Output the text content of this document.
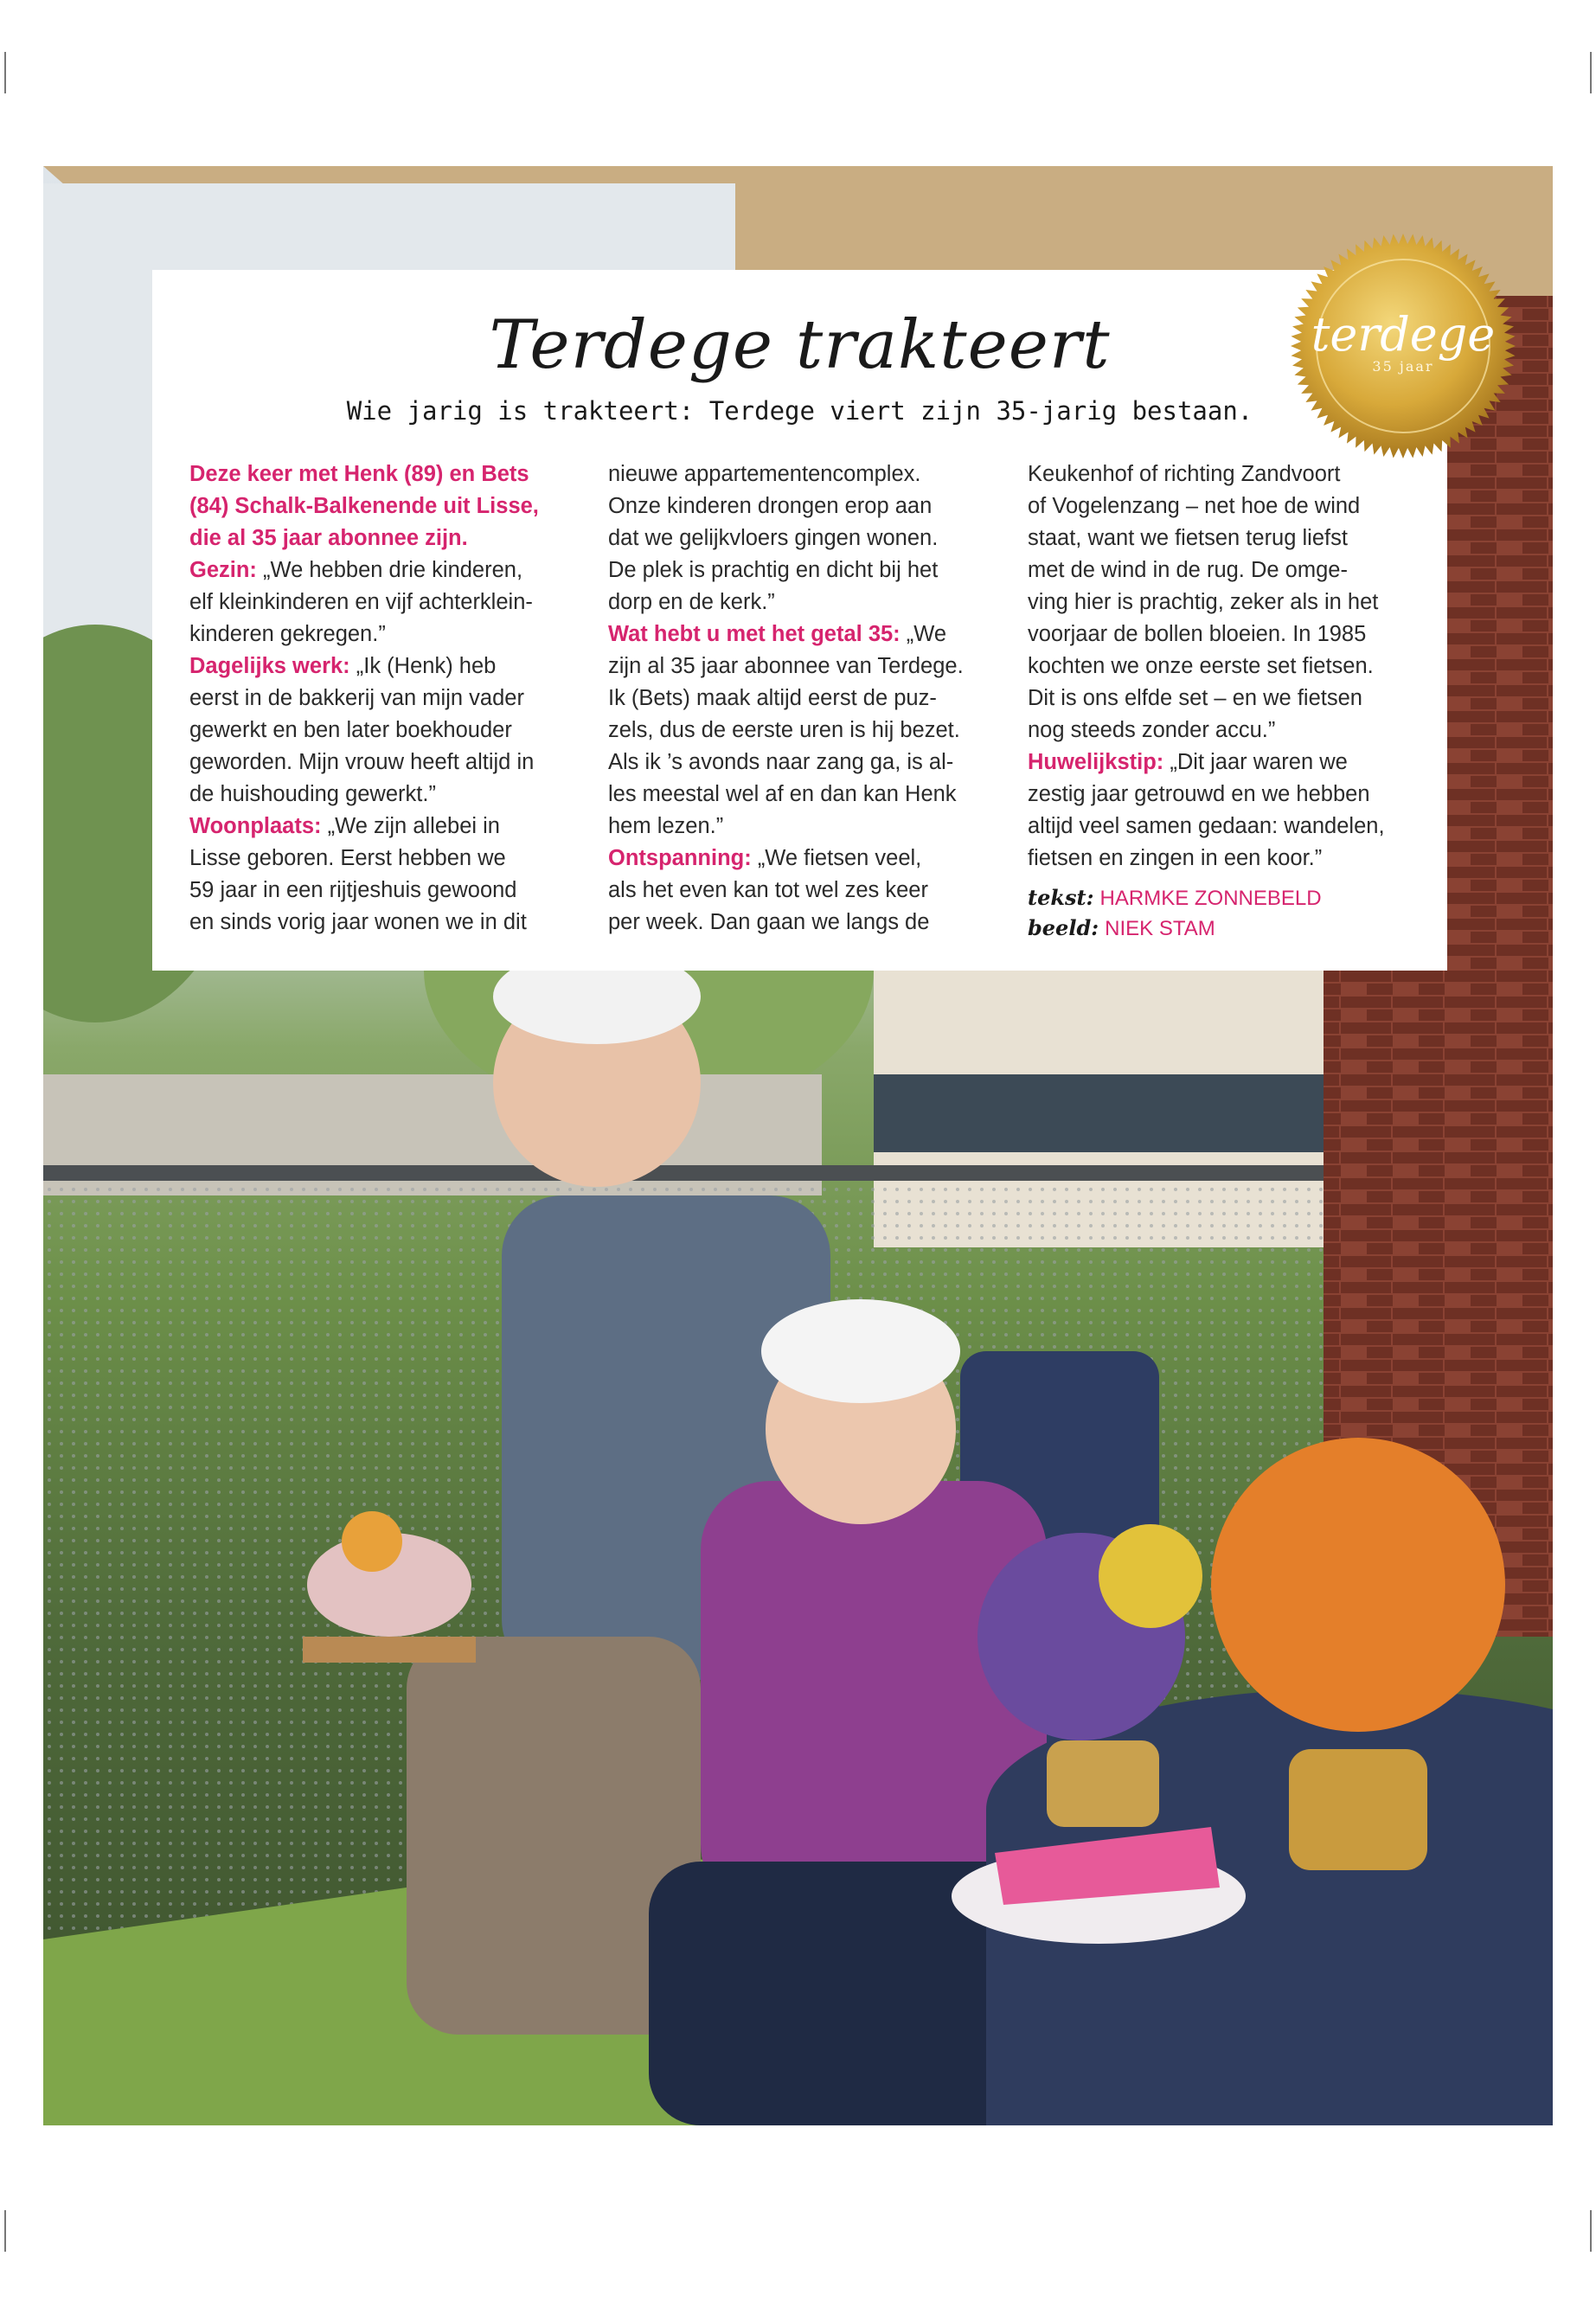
Terdege trakteert
Wie jarig is trakteert: Terdege viert zijn 35-jarig bestaan.
Deze keer met Henk (89) en Bets
(84) Schalk-Balkenende uit Lisse,
die al 35 jaar abonnee zijn.
Gezin: „We hebben drie kinderen,
elf kleinkinderen en vijf achterklein-
kinderen gekregen.”
Dagelijks werk: „Ik (Henk) heb
eerst in de bakkerij van mijn vader
gewerkt en ben later boekhouder
geworden. Mijn vrouw heeft altijd in
de huishouding gewerkt.”
Woonplaats: „We zijn allebei in
Lisse geboren. Eerst hebben we
59 jaar in een rijtjeshuis gewoond
en sinds vorig jaar wonen we in dit
nieuwe appartementencomplex.
Onze kinderen drongen erop aan
dat we gelijkvloers gingen wonen.
De plek is prachtig en dicht bij het
dorp en de kerk.”
Wat hebt u met het getal 35: „We
zijn al 35 jaar abonnee van Terdege.
Ik (Bets) maak altijd eerst de puz-
zels, dus de eerste uren is hij bezet.
Als ik ’s avonds naar zang ga, is al-
les meestal wel af en dan kan Henk
hem lezen.”
Ontspanning: „We fietsen veel,
als het even kan tot wel zes keer
per week. Dan gaan we langs de
Keukenhof of richting Zandvoort
of Vogelenzang – net hoe de wind
staat, want we fietsen terug liefst
met de wind in de rug. De omge-
ving hier is prachtig, zeker als in het
voorjaar de bollen bloeien. In 1985
kochten we onze eerste set fietsen.
Dit is ons elfde set – en we fietsen
nog steeds zonder accu.”
Huwelijkstip: „Dit jaar waren we
zestig jaar getrouwd en we hebben
altijd veel samen gedaan: wandelen,
fietsen en zingen in een koor.”
tekst: HARMKE ZONNEBELD
beeld: NIEK STAM
terdege
35 jaar
